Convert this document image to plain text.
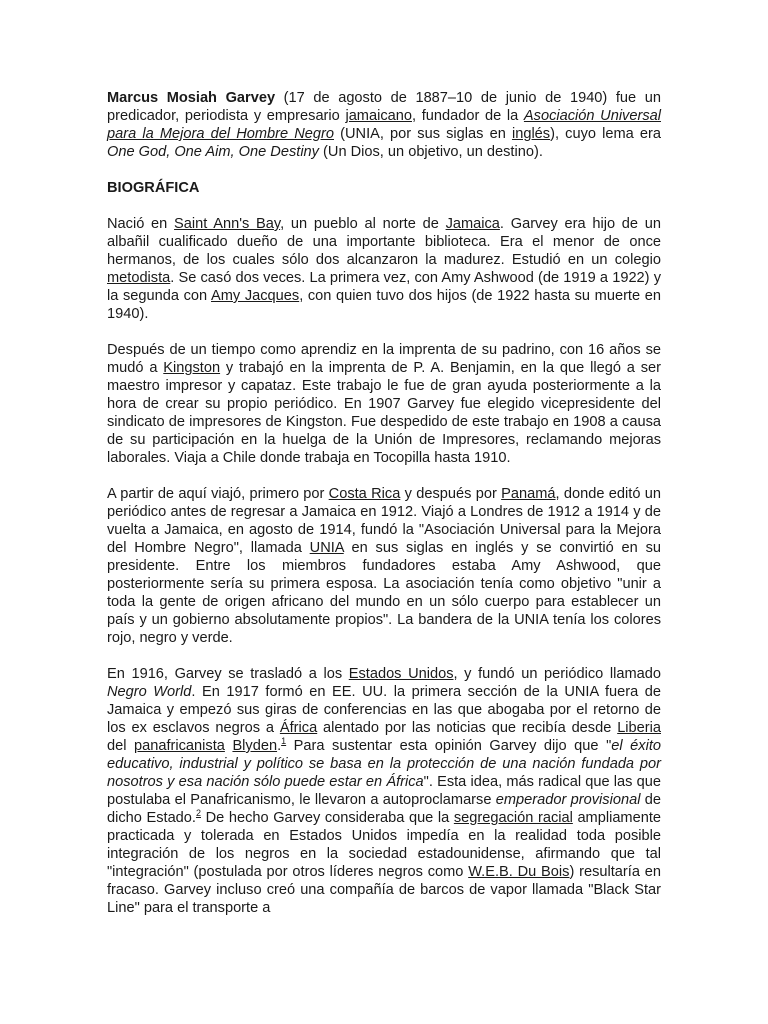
Marcus Mosiah Garvey (17 de agosto de 1887–10 de junio de 1940) fue un predicador, periodista y empresario jamaicano, fundador de la Asociación Universal para la Mejora del Hombre Negro (UNIA, por sus siglas en inglés), cuyo lema era One God, One Aim, One Destiny (Un Dios, un objetivo, un destino).

BIOGRÁFICA

Nació en Saint Ann's Bay, un pueblo al norte de Jamaica. Garvey era hijo de un albañil cualificado dueño de una importante biblioteca. Era el menor de once hermanos, de los cuales sólo dos alcanzaron la madurez. Estudió en un colegio metodista. Se casó dos veces. La primera vez, con Amy Ashwood (de 1919 a 1922) y la segunda con Amy Jacques, con quien tuvo dos hijos (de 1922 hasta su muerte en 1940).

Después de un tiempo como aprendiz en la imprenta de su padrino, con 16 años se mudó a Kingston y trabajó en la imprenta de P. A. Benjamin, en la que llegó a ser maestro impresor y capataz. Este trabajo le fue de gran ayuda posteriormente a la hora de crear su propio periódico. En 1907 Garvey fue elegido vicepresidente del sindicato de impresores de Kingston. Fue despedido de este trabajo en 1908 a causa de su participación en la huelga de la Unión de Impresores, reclamando mejoras laborales. Viaja a Chile donde trabaja en Tocopilla hasta 1910.

A partir de aquí viajó, primero por Costa Rica y después por Panamá, donde editó un periódico antes de regresar a Jamaica en 1912. Viajó a Londres de 1912 a 1914 y de vuelta a Jamaica, en agosto de 1914, fundó la "Asociación Universal para la Mejora del Hombre Negro", llamada UNIA en sus siglas en inglés y se convirtió en su presidente. Entre los miembros fundadores estaba Amy Ashwood, que posteriormente sería su primera esposa. La asociación tenía como objetivo "unir a toda la gente de origen africano del mundo en un sólo cuerpo para establecer un país y un gobierno absolutamente propios". La bandera de la UNIA tenía los colores rojo, negro y verde.

En 1916, Garvey se trasladó a los Estados Unidos, y fundó un periódico llamado Negro World. En 1917 formó en EE. UU. la primera sección de la UNIA fuera de Jamaica y empezó sus giras de conferencias en las que abogaba por el retorno de los ex esclavos negros a África alentado por las noticias que recibía desde Liberia del panafricanista Blyden.$^1$ Para sustentar esta opinión Garvey dijo que "el éxito educativo, industrial y político se basa en la protección de una nación fundada por nosotros y esa nación sólo puede estar en África". Esta idea, más radical que las que postulaba el Panafricanismo, le llevaron a autoproclamarse emperador provisional de dicho Estado.$^2$ De hecho Garvey consideraba que la segregación racial ampliamente practicada y tolerada en Estados Unidos impedía en la realidad toda posible integración de los negros en la sociedad estadounidense, afirmando que tal "integración" (postulada por otros líderes negros como W.E.B. Du Bois) resultaría en fracaso. Garvey incluso creó una compañía de barcos de vapor llamada "Black Star Line" para el transporte a
